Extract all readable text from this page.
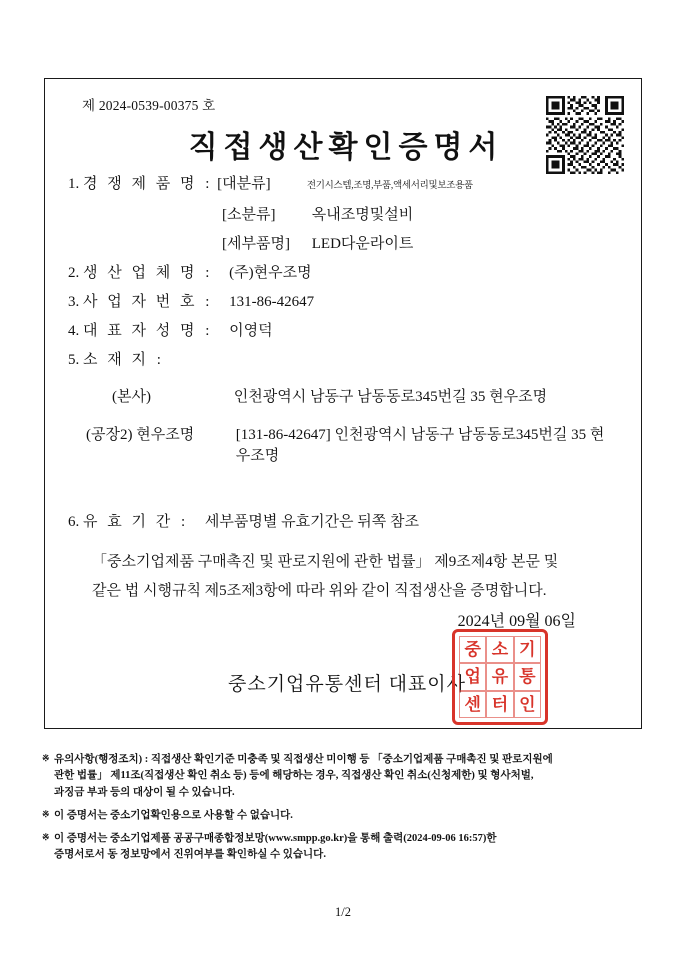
제 2024-0539-00375 호
직접생산확인증명서
1. 경 쟁 제 품 명 : [대분류]	전기시스템,조명,부품,액세서리및보조용품
[소분류] 옥내조명및설비
[세부품명] LED다운라이트
2. 생 산 업 체 명 : (주)현우조명
3. 사 업 자 번 호 : 131-86-42647
4. 대 표 자 성 명 : 이영덕
5. 소 재 지 :
(본사)	인천광역시 남동구 남동동로345번길 35 현우조명
(공장2) 현우조명	[131-86-42647] 인천광역시 남동구 남동동로345번길 35 현우조명
6. 유 효 기 간 : 세부품명별 유효기간은 뒤쪽 참조
「중소기업제품 구매촉진 및 판로지원에 관한 법률」 제9조제4항 본문 및
같은 법 시행규칙 제5조제3항에 따라 위와 같이 직접생산을 증명합니다.
2024년 09월 06일
중소기업유통센터 대표이사
중 소 기
업 유 통
센 터 인
※ 유의사항(행정조치) : 직접생산 확인기준 미충족 및 직접생산 미이행 등 「중소기업제품 구매촉진 및 판로지원에
관한 법률」 제11조(직접생산 확인 취소 등) 등에 해당하는 경우, 직접생산 확인 취소(신청제한) 및 형사처벌,
과징금 부과 등의 대상이 될 수 있습니다.
※ 이 증명서는 중소기업확인용으로 사용할 수 없습니다.
※ 이 증명서는 중소기업제품 공공구매종합정보망(www.smpp.go.kr)을 통해 출력(2024-09-06 16:57)한
증명서로서 동 정보망에서 진위여부를 확인하실 수 있습니다.
1/2
